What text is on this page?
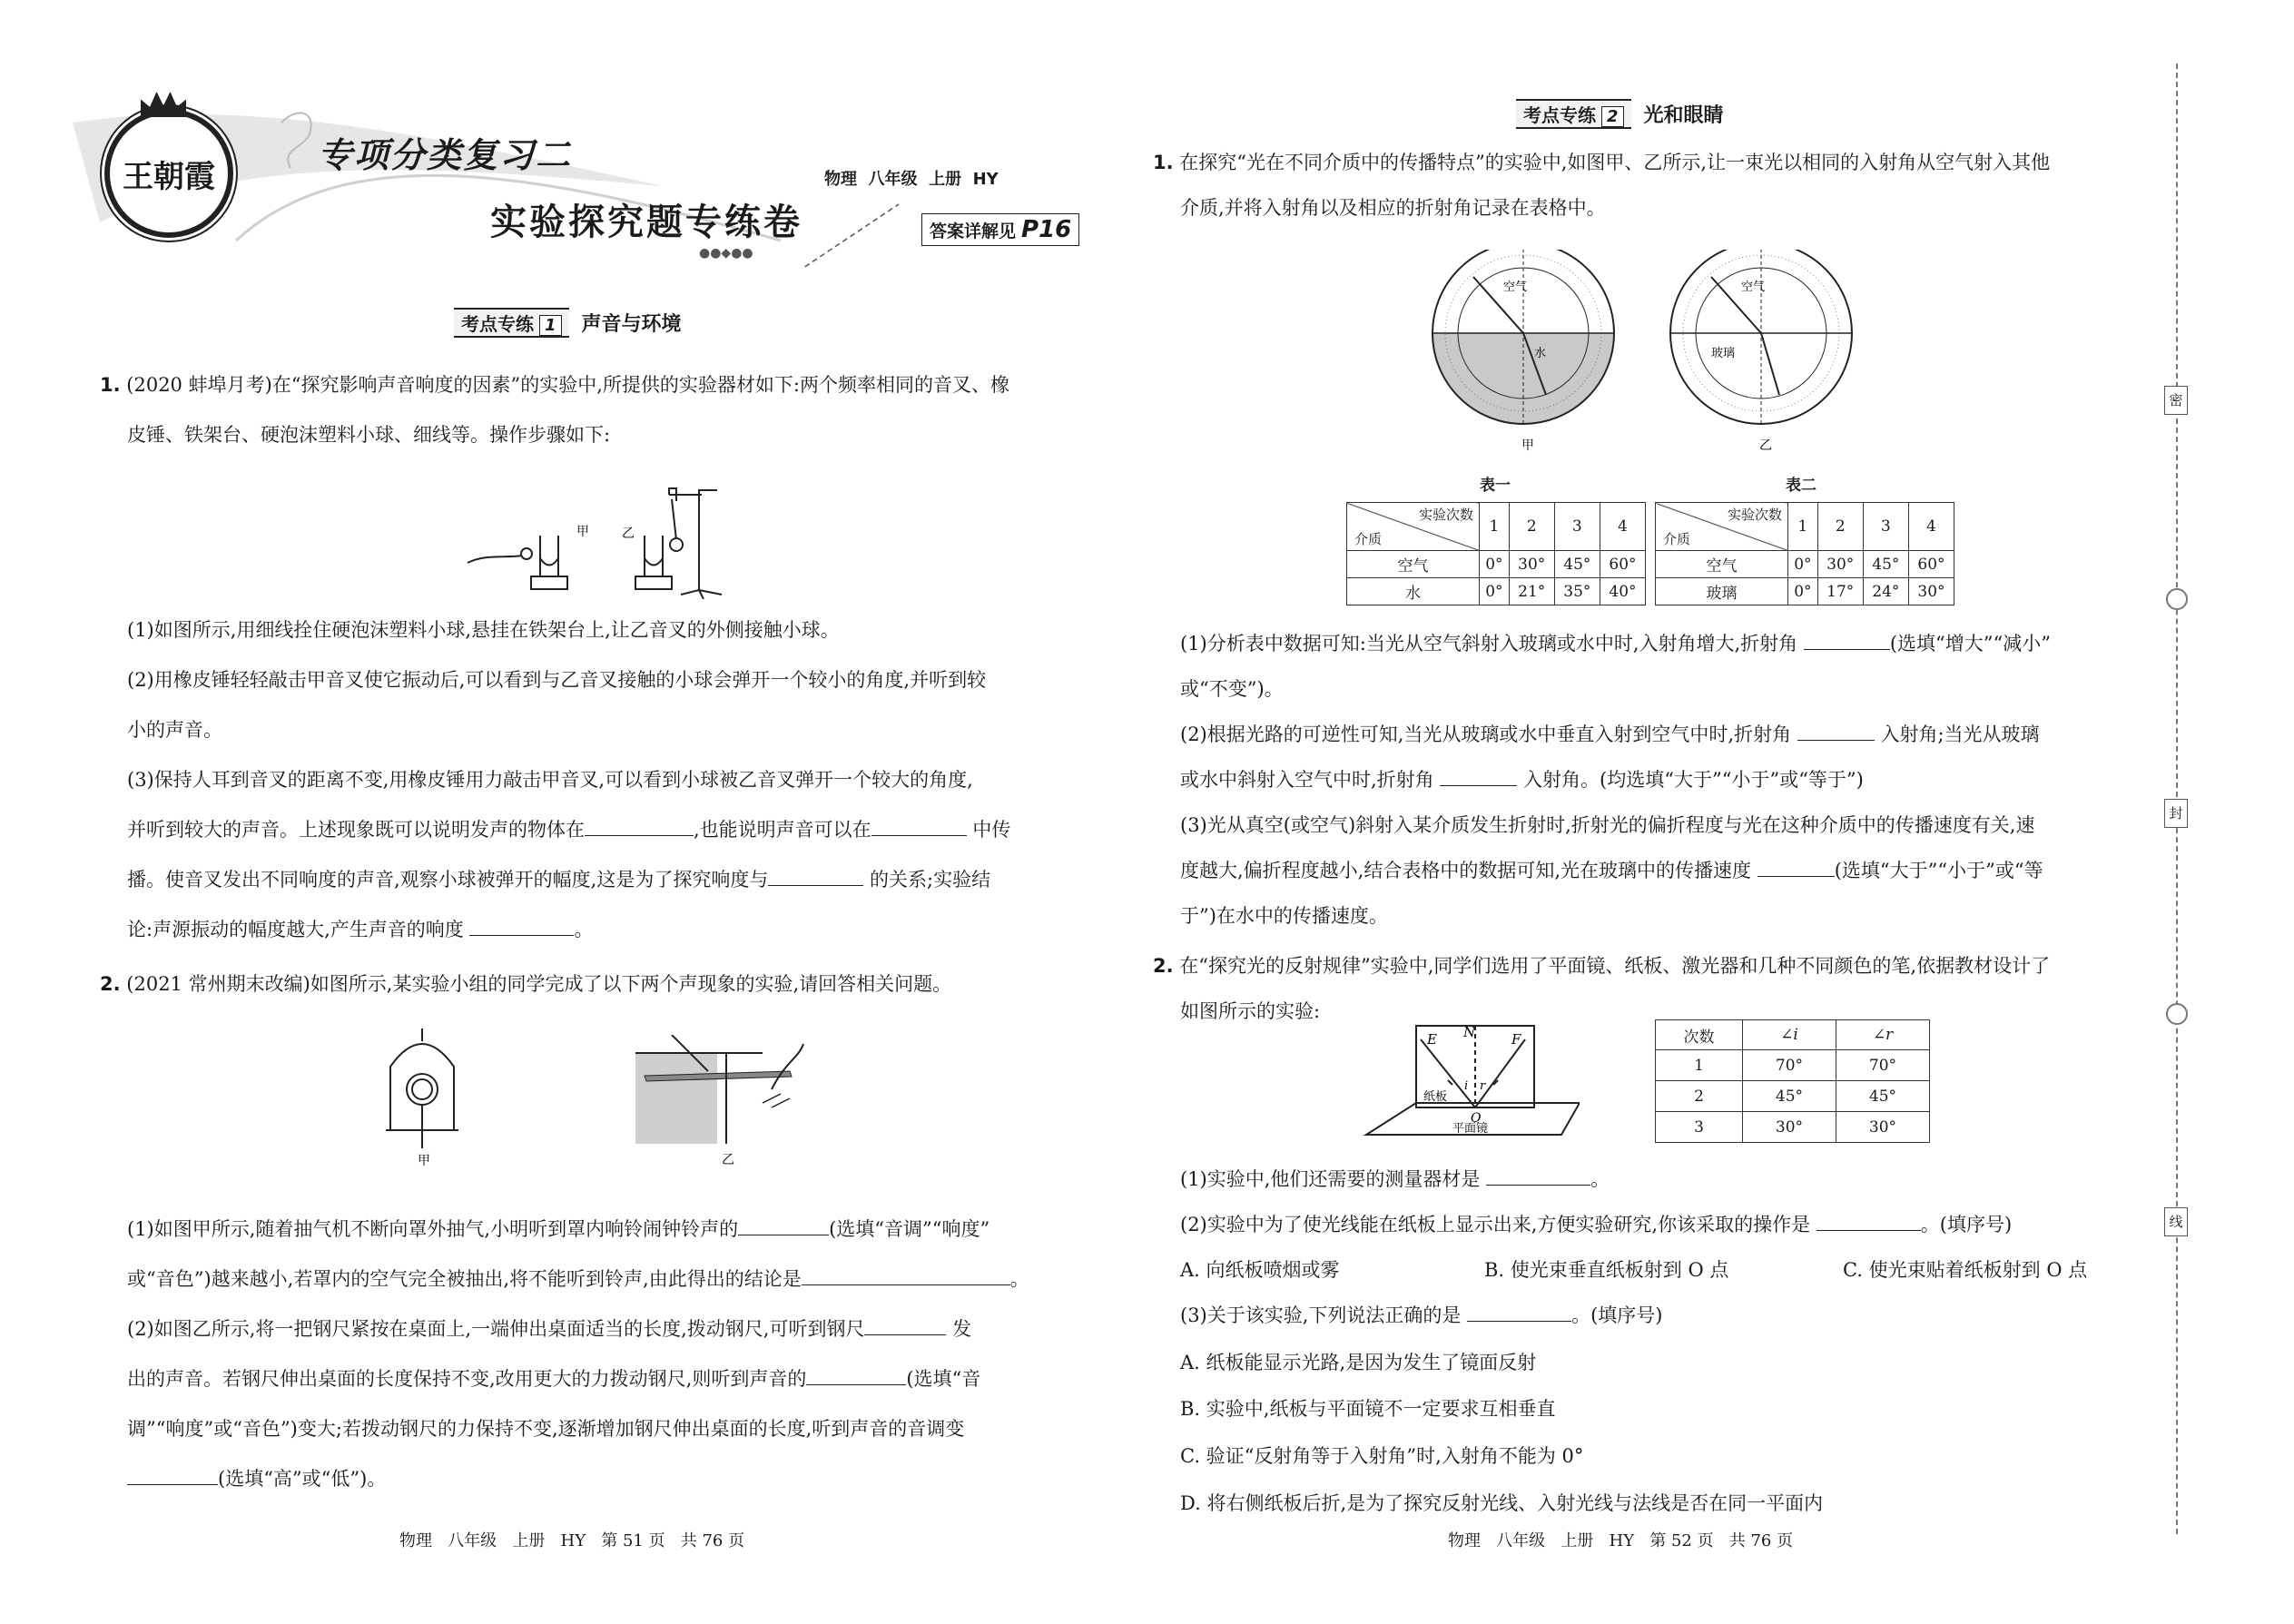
王朝霞
专项分类复习二
物理  八年级  上册  HY
实验探究题专练卷	答案详解见 P16
●●◆●●
考点专练 1	声音与环境
1. (2020 蚌埠月考)在“探究影响声音响度的因素”的实验中,所提供的实验器材如下:两个频率相同的音叉、橡
皮锤、铁架台、硬泡沫塑料小球、细线等。操作步骤如下:
甲	乙
(1)如图所示,用细线拴住硬泡沫塑料小球,悬挂在铁架台上,让乙音叉的外侧接触小球。
(2)用橡皮锤轻轻敲击甲音叉使它振动后,可以看到与乙音叉接触的小球会弹开一个较小的角度,并听到较
小的声音。
(3)保持人耳到音叉的距离不变,用橡皮锤用力敲击甲音叉,可以看到小球被乙音叉弹开一个较大的角度,
并听到较大的声音。上述现象既可以说明发声的物体在	,也能说明声音可以在	中传
播。使音叉发出不同响度的声音,观察小球被弹开的幅度,这是为了探究响度与	的关系;实验结
论:声源振动的幅度越大,产生声音的响度	。
2. (2021 常州期末改编)如图所示,某实验小组的同学完成了以下两个声现象的实验,请回答相关问题。
甲	乙
(1)如图甲所示,随着抽气机不断向罩外抽气,小明听到罩内响铃闹钟铃声的	(选填“音调”“响度”
或“音色”)越来越小,若罩内的空气完全被抽出,将不能听到铃声,由此得出的结论是	。
(2)如图乙所示,将一把钢尺紧按在桌面上,一端伸出桌面适当的长度,拨动钢尺,可听到钢尺	发
出的声音。若钢尺伸出桌面的长度保持不变,改用更大的力拨动钢尺,则听到声音的	(选填“音
调”“响度”或“音色”)变大;若拨动钢尺的力保持不变,逐渐增加钢尺伸出桌面的长度,听到声音的音调变
(选填“高”或“低”)。
物理   八年级   上册   HY   第 51 页   共 76 页
考点专练 2	光和眼睛
1. 在探究“光在不同介质中的传播特点”的实验中,如图甲、乙所示,让一束光以相同的入射角从空气射入其他
介质,并将入射角以及相应的折射角记录在表格中。
空气
水
甲
空气
玻璃
乙
表一
实验次数
介质	1	2	3	4
空气	0°	30°	45°	60°
水	0°	21°	35°	40°
表二
实验次数
介质	1	2	3	4
空气	0°	30°	45°	60°
玻璃	0°	17°	24°	30°
(1)分析表中数据可知:当光从空气斜射入玻璃或水中时,入射角增大,折射角	(选填“增大”“减小”
或“不变”)。
(2)根据光路的可逆性可知,当光从玻璃或水中垂直入射到空气中时,折射角	入射角;当光从玻璃
或水中斜射入空气中时,折射角	入射角。(均选填“大于”“小于”或“等于”)
(3)光从真空(或空气)斜射入某介质发生折射时,折射光的偏折程度与光在这种介质中的传播速度有关,速
度越大,偏折程度越小,结合表格中的数据可知,光在玻璃中的传播速度	(选填“大于”“小于”或“等
于”)在水中的传播速度。
2. 在“探究光的反射规律”实验中,同学们选用了平面镜、纸板、激光器和几种不同颜色的笔,依据教材设计了
如图所示的实验:
E N	F
i r
O
纸板
平面镜
次数	∠i	∠r
1	70°	70°
2	45°	45°
3	30°	30°
(1)实验中,他们还需要的测量器材是	。
(2)实验中为了使光线能在纸板上显示出来,方便实验研究,你该采取的操作是	。(填序号)
A. 向纸板喷烟或雾	B. 使光束垂直纸板射到 O 点	C. 使光束贴着纸板射到 O 点
(3)关于该实验,下列说法正确的是	。(填序号)
A. 纸板能显示光路,是因为发生了镜面反射
B. 实验中,纸板与平面镜不一定要求互相垂直
C. 验证“反射角等于入射角”时,入射角不能为 0°
D. 将右侧纸板后折,是为了探究反射光线、入射光线与法线是否在同一平面内
物理   八年级   上册   HY   第 52 页   共 76 页
密
封
线
